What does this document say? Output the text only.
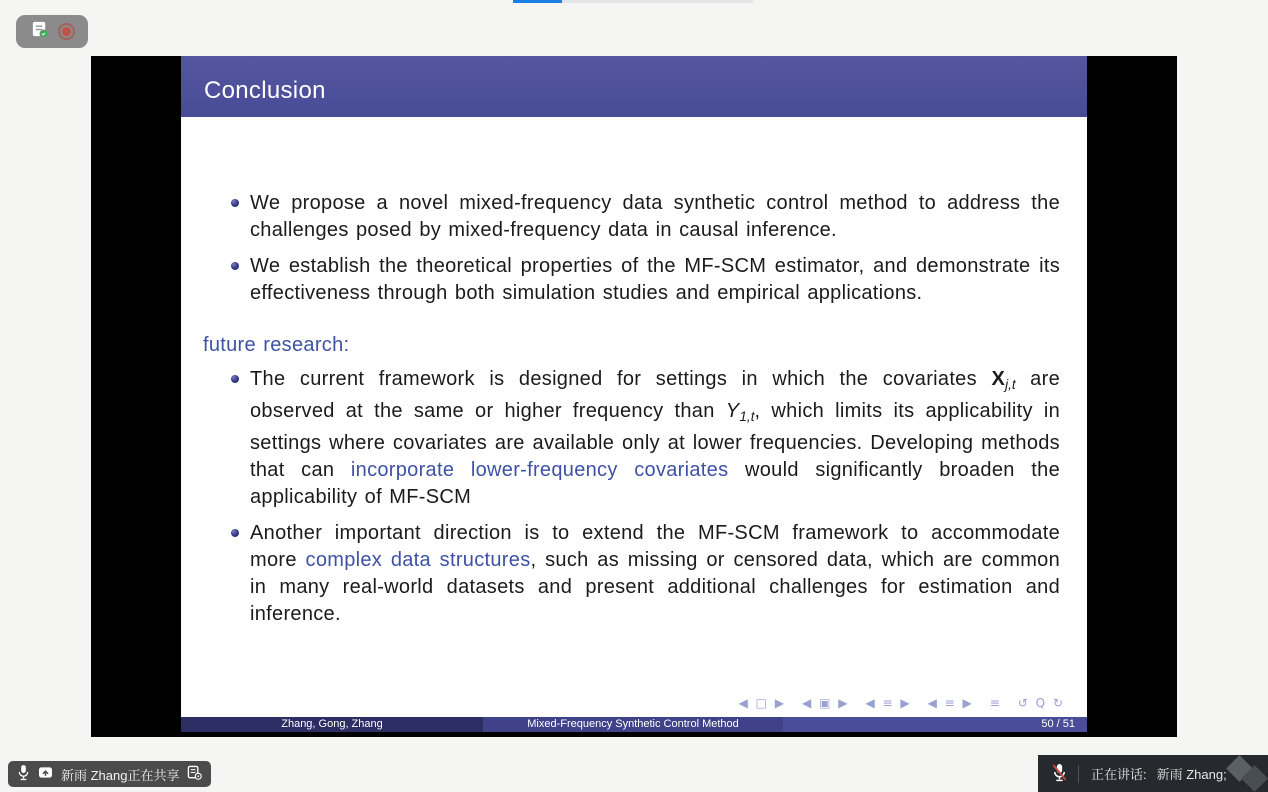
Conclusion
We propose a novel mixed-frequency data synthetic control method to address the challenges posed by mixed-frequency data in causal inference.
We establish the theoretical properties of the MF-SCM estimator, and demonstrate its effectiveness through both simulation studies and empirical applications.
future research:
The current framework is designed for settings in which the covariates Xj,t are observed at the same or higher frequency than Y1,t, which limits its applicability in settings where covariates are available only at lower frequencies. Developing methods that can incorporate lower-frequency covariates would significantly broaden the applicability of MF-SCM
Another important direction is to extend the MF-SCM framework to accommodate more complex data structures, such as missing or censored data, which are common in many real-world datasets and present additional challenges for estimation and inference.
◀ □ ▶ ◀ ▣ ▶ ◀ ≡ ▶ ◀ ≡ ▶ ≡ ↺ Q ↻
Zhang, Gong, Zhang	Mixed-Frequency Synthetic Control Method	50 / 51
新雨 Zhang正在共享	正在讲话: 新雨 Zhang;
